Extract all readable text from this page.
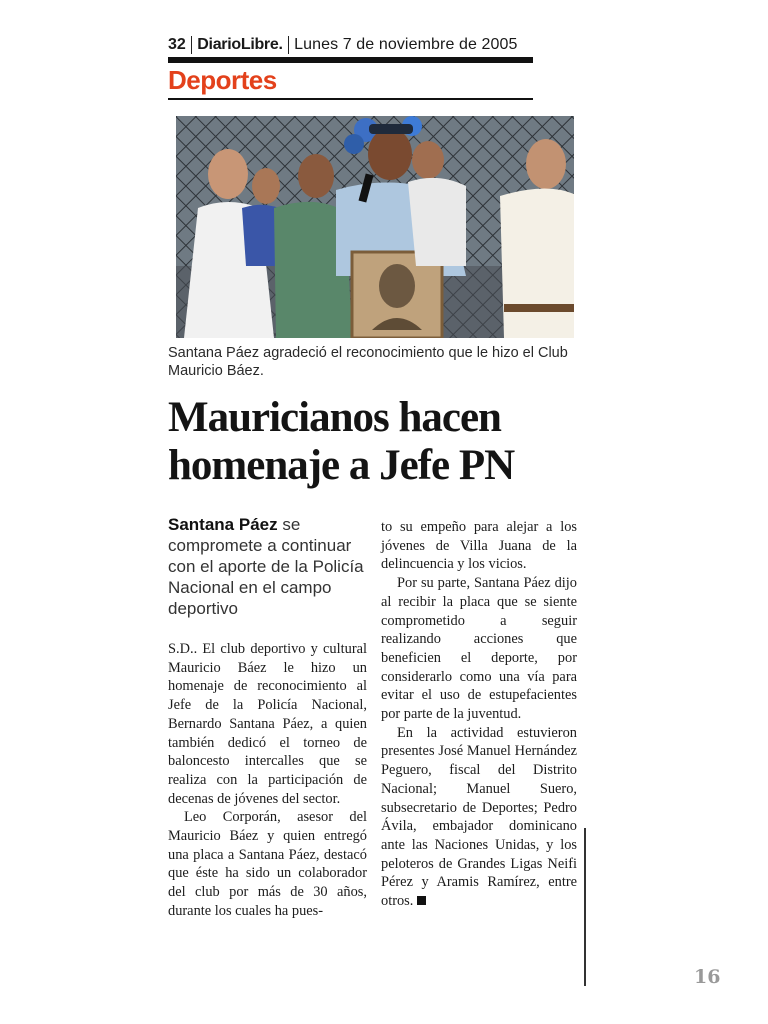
32 DiarioLibre. Lunes 7 de noviembre de 2005
Deportes
Santana Páez agradeció el reconocimiento que le hizo el Club Mauricio Báez.
Mauricianos hacen homenaje a Jefe PN
Santana Páez se compromete a continuar con el aporte de la Policía Nacional en el campo deportivo

S.D.. El club deportivo y cultural Mauricio Báez le hizo un homenaje de reconocimiento al Jefe de la Policía Nacional, Bernardo Santana Páez, a quien también dedicó el torneo de baloncesto intercalles que se realiza con la participación de decenas de jóvenes del sector.

Leo Corporán, asesor del Mauricio Báez y quien entregó una placa a Santana Páez, destacó que éste ha sido un colaborador del club por más de 30 años, durante los cuales ha pues-

to su empeño para alejar a los jóvenes de Villa Juana de la delincuencia y los vicios.

Por su parte, Santana Páez dijo al recibir la placa que se siente comprometido a seguir realizando acciones que beneficien el deporte, por considerarlo como una vía para evitar el uso de estupefacientes por parte de la juventud.

En la actividad estuvieron presentes José Manuel Hernández Peguero, fiscal del Distrito Nacional; Manuel Suero, subsecretario de Deportes; Pedro Ávila, embajador dominicano ante las Naciones Unidas, y los peloteros de Grandes Ligas Neifi Pérez y Aramis Ramírez, entre otros.

16
